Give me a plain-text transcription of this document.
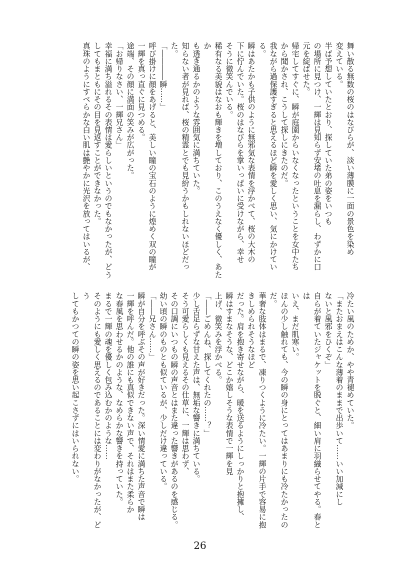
舞い散る無数の桜のはなびらが、淡い薄膜に一面の景色を染め
変えている。
半ば予想していたとおり、探していた弟の姿をいつも
の場所に見つけ、一輝は見知らず安堵の吐息を漏らし、わずかに口
元を綻ばせた。
帰宅してすぐに、瞬が庭園からいなくなったということを女中たち
から聞かされ、こうして探しにきたのだ。
我ながら過保護すぎると思えるほど瞬を愛しく思い、気にかけている。
瞬はあたかも子供のように無邪気な表情を浮かべて、桜の大木の
下に佇んでいた。桜のはなびらを掌いっぱいに受けながら、幸せ
そうに微笑んでいる。
稀有なる美貌はなおも輝きを増しており、このうえなく優しく、あたか
も透き通るかのような雰囲気に満ちていた。
知らない者が見れば、桜の精霊とでも見紛うかもしれないほどだった。
「――――瞬……」
呼び掛けに顔をあげると、美しい瞳の宝石のように煌めく双の瞳が
一輝を真っ直ぐに見つめる。
途端、その顔に満面の笑みが広がった。
「お帰りなさい、一輝兄さん」
幸福に満ち溢れるその表情は愛らしいというのでもなかったが、どう
してもまともにその目を見返すことができなかった。
真珠のようにすべらかな白い肌は艶やかに光沢を放ってはいるが、
冷たい風のためか、やや青褪めていた。
「またおまえはこんな薄着のままで出歩いて……いい加減にし
ないと風邪をひくぞ」
自らが着ていたジャケットを脱ぐと、細い肩に羽織らせてやる。春とは
いえ、まだ肌寒い。
ほんの少し触れても、今の瞬の身にとってはあまりにも冷たかったのだ。
華奢な肢体はまるで、凍りつくように冷たい。一輝の片手で容易に抱きしめられそうなほど
だった。肩を抱き寄せながら、暖を送るようにしっかりと抱擁し、
瞬はすまなそうな、どこか嬉しそうな表情で一輝を見
上げ、微笑みを浮かべる。
「――ごめんね、探してくれたの……？」
少し舌足らずな甘えた声は、無垢な響きに満ちている。
そう可愛らしくも見えるその仕草に、一輝は思わず、
その口調にいつもの瞬の声音とはまた違った響きがあるのを感じる。
幼い頃の瞬のものとも似ているが、少しだけ違っている。
「――兄さん……」
瞬が自分を呼ぶその声が好きだった。深い情愛に満ちた声音で瞬は
一輝を呼んだ。他の誰にも真似できない声で、それはまた柔らか
な春風を思わせるかのような、なめらかな響きを持っていた。
まるで一輝の魂を優しく包み込むかのような……
そのようにも愛しく思えるのであることには変わりがなかったが、どう
してもかつての瞬の姿を思い起こさずにはいられない。
26
